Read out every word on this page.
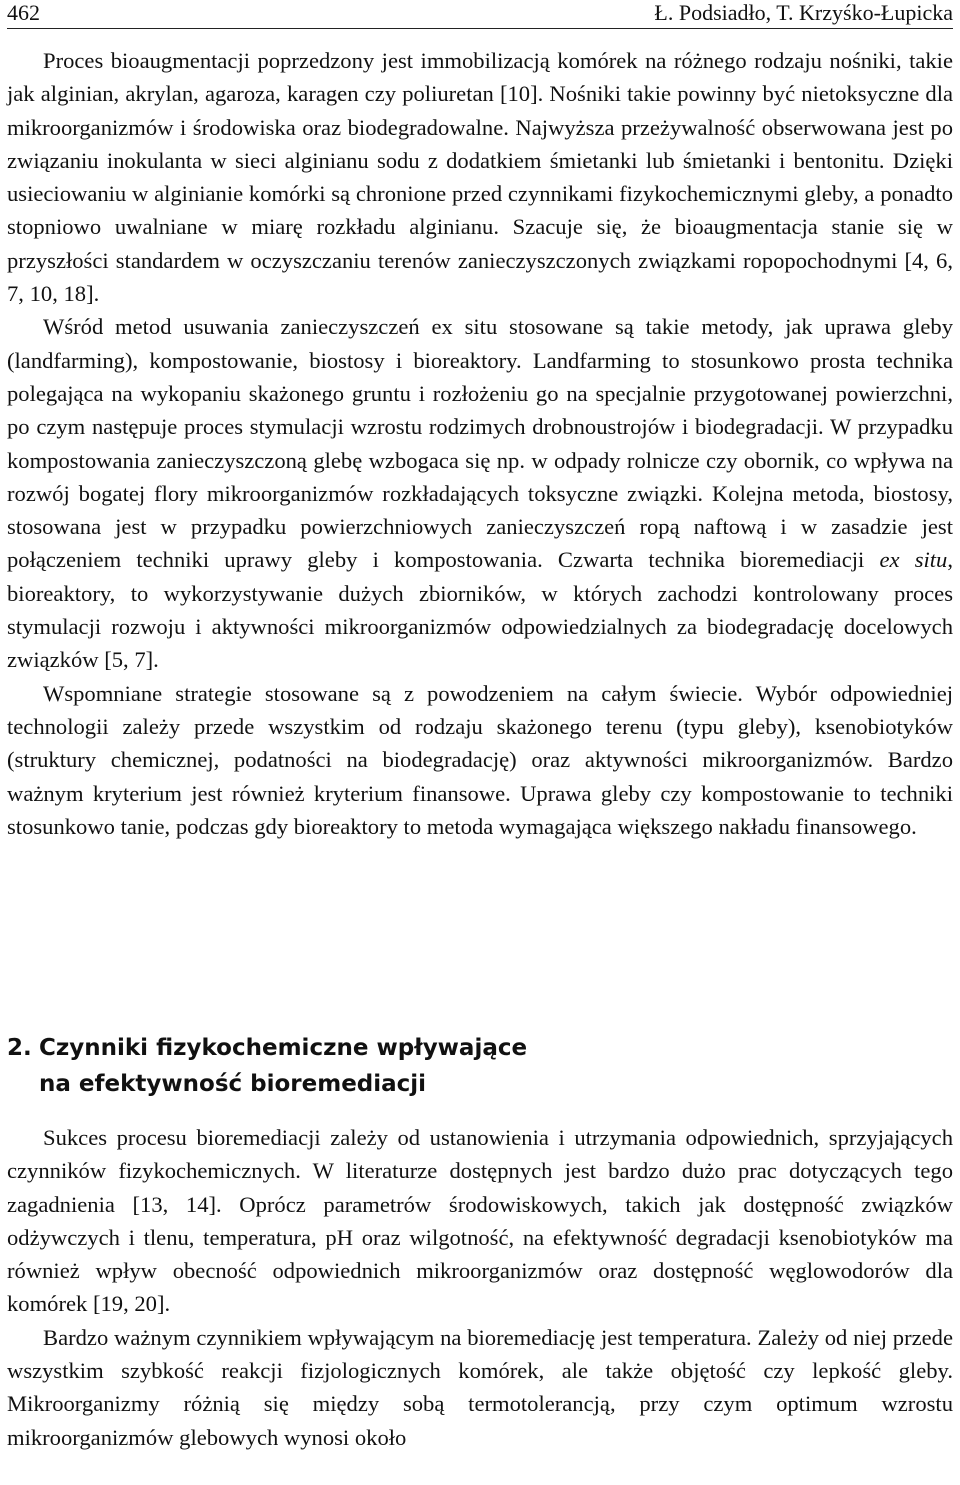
462	Ł. Podsiadło, T. Krzyśko-Łupicka

Proces bioaugmentacji poprzedzony jest immobilizacją komórek na różnego rodzaju nośniki, takie jak alginian, akrylan, agaroza, karagen czy poliuretan [10]. Nośniki takie powinny być nietoksyczne dla mikroorganizmów i środowiska oraz biodegradowalne. Najwyższa przeżywalność obserwowana jest po związaniu inokulanta w sieci alginianu sodu z dodatkiem śmietanki lub śmietanki i bentonitu. Dzięki usieciowaniu w alginianie komórki są chronione przed czynnikami fizykochemicznymi gleby, a ponadto stopniowo uwalniane w miarę rozkładu alginianu. Szacuje się, że bioaugmentacja stanie się w przyszłości standardem w oczyszczaniu terenów zanieczyszczonych związkami ropopochodnymi [4, 6, 7, 10, 18].

Wśród metod usuwania zanieczyszczeń ex situ stosowane są takie metody, jak uprawa gleby (landfarming), kompostowanie, biostosy i bioreaktory. Landfarming to stosunkowo prosta technika polegająca na wykopaniu skażonego gruntu i rozłożeniu go na specjalnie przygotowanej powierzchni, po czym następuje proces stymulacji wzrostu rodzimych drobnoustrojów i biodegradacji. W przypadku kompostowania zanieczyszczoną glebę wzbogaca się np. w odpady rolnicze czy obornik, co wpływa na rozwój bogatej flory mikroorganizmów rozkładających toksyczne związki. Kolejna metoda, biostosy, stosowana jest w przypadku powierzchniowych zanieczyszczeń ropą naftową i w zasadzie jest połączeniem techniki uprawy gleby i kompostowania. Czwarta technika bioremediacji ex situ, bioreaktory, to wykorzystywanie dużych zbiorników, w których zachodzi kontrolowany proces stymulacji rozwoju i aktywności mikroorganizmów odpowiedzialnych za biodegradację docelowych związków [5, 7].

Wspomniane strategie stosowane są z powodzeniem na całym świecie. Wybór odpowiedniej technologii zależy przede wszystkim od rodzaju skażonego terenu (typu gleby), ksenobiotyków (struktury chemicznej, podatności na biodegradację) oraz aktywności mikroorganizmów. Bardzo ważnym kryterium jest również kryterium finansowe. Uprawa gleby czy kompostowanie to techniki stosunkowo tanie, podczas gdy bioreaktory to metoda wymagająca większego nakładu finansowego.

2. Czynniki fizykochemiczne wpływające
na efektywność bioremediacji

Sukces procesu bioremediacji zależy od ustanowienia i utrzymania odpowiednich, sprzyjających czynników fizykochemicznych. W literaturze dostępnych jest bardzo dużo prac dotyczących tego zagadnienia [13, 14]. Oprócz parametrów środowiskowych, takich jak dostępność związków odżywczych i tlenu, temperatura, pH oraz wilgotność, na efektywność degradacji ksenobiotyków ma również wpływ obecność odpowiednich mikroorganizmów oraz dostępność węglowodorów dla komórek [19, 20].

Bardzo ważnym czynnikiem wpływającym na bioremediację jest temperatura. Zależy od niej przede wszystkim szybkość reakcji fizjologicznych komórek, ale także objętość czy lepkość gleby. Mikroorganizmy różnią się między sobą termotolerancją, przy czym optimum wzrostu mikroorganizmów glebowych wynosi około
